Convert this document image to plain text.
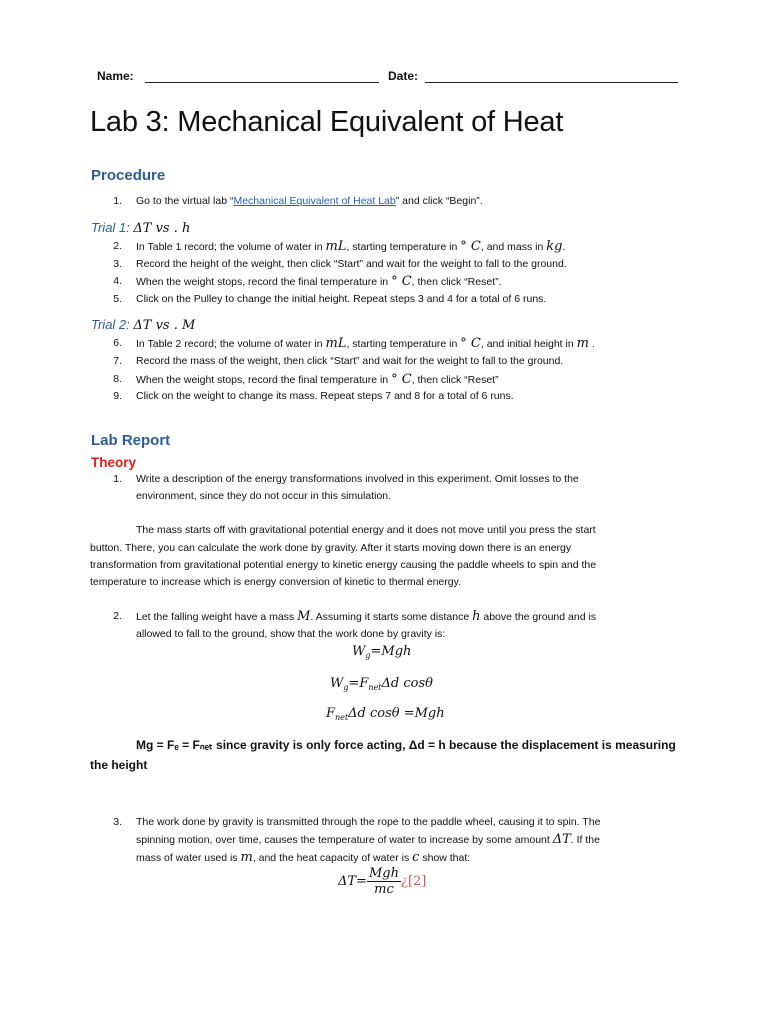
Name:	Date:
Lab 3: Mechanical Equivalent of Heat
Procedure
1. Go to the virtual lab “Mechanical Equivalent of Heat Lab” and click “Begin”.
Trial 1: ΔT vs . h
2. In Table 1 record; the volume of water in mL, starting temperature in ° C, and mass in kg.
3. Record the height of the weight, then click “Start” and wait for the weight to fall to the ground.
4. When the weight stops, record the final temperature in ° C, then click “Reset”.
5. Click on the Pulley to change the initial height. Repeat steps 3 and 4 for a total of 6 runs.
Trial 2: ΔT vs . M
6. In Table 2 record; the volume of water in mL, starting temperature in ° C, and initial height in m .
7. Record the mass of the weight, then click “Start” and wait for the weight to fall to the ground.
8. When the weight stops, record the final temperature in ° C, then click “Reset”
9. Click on the weight to change its mass. Repeat steps 7 and 8 for a total of 6 runs.
Lab Report
Theory
1. Write a description of the energy transformations involved in this experiment. Omit losses to the
environment, since they do not occur in this simulation.
The mass starts off with gravitational potential energy and it does not move until you press the start
button. There, you can calculate the work done by gravity. After it starts moving down there is an energy
transformation from gravitational potential energy to kinetic energy causing the paddle wheels to spin and the
temperature to increase which is energy conversion of kinetic to thermal energy.
2. Let the falling weight have a mass M. Assuming it starts some distance h above the ground and is
allowed to fall to the ground, show that the work done by gravity is:
$W_g=Mgh$
$W_g=F_{net}\Delta d$ cosθ
$F_{net}\Delta d$ cosθ =Mgh
Mg = Fₑ = Fₙₑₜ since gravity is only force acting, Δd = h because the displacement is measuring
the height
3. The work done by gravity is transmitted through the rope to the paddle wheel, causing it to spin. The
spinning motion, over time, causes the temperature of water to increase by some amount ΔT. If the
mass of water used is m, and the heat capacity of water is c show that:
ΔT=
Mgh
mc
¿[2]
